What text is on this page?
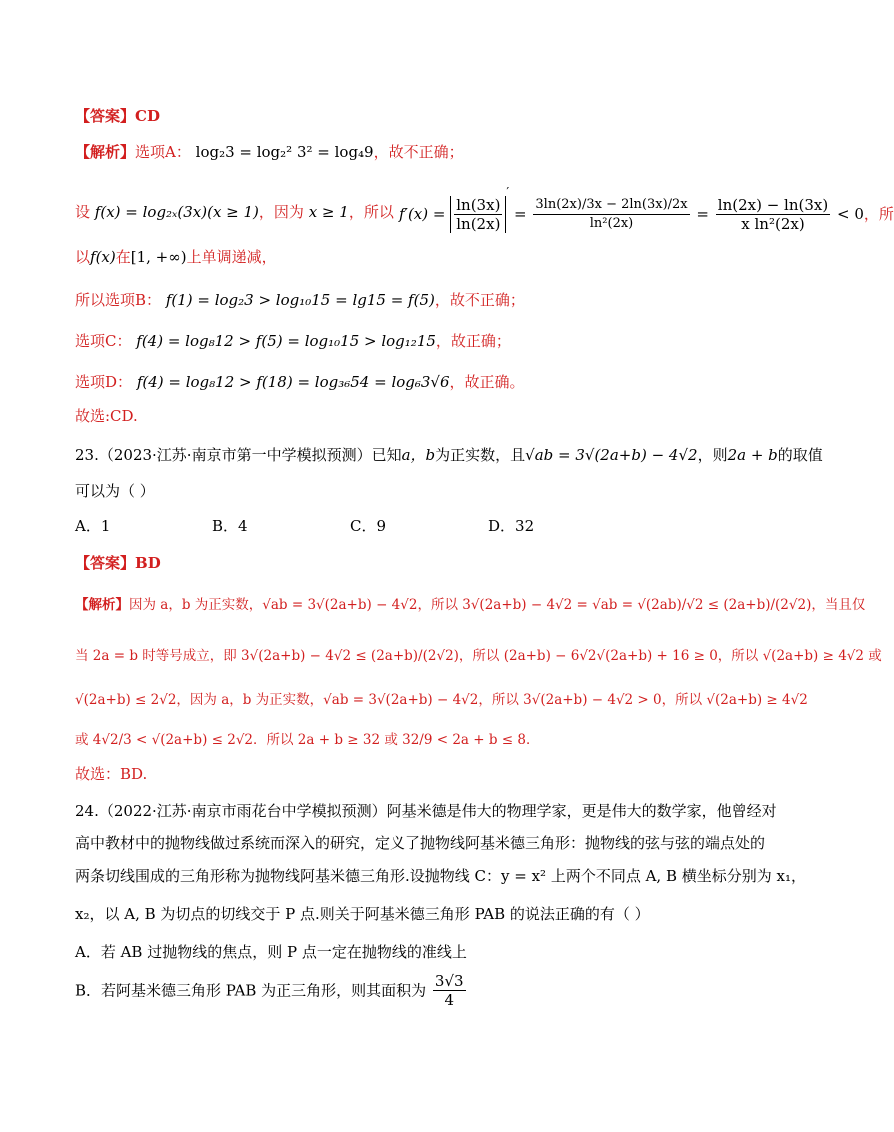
【答案】CD
【解析】选项A： log₂3 = log₂² 3² = log₄9，故不正确；
设 f(x) = log₂ₓ(3x)(x ≥ 1)，因为 x ≥ 1，所以 $f'(x) = \frac{\ln(3x)}{\ln(2x)}$
$' = \frac{3\ln(2x)/3x - 2\ln(3x)/2x}{\text{ln²(2x)}} = \frac{\ln(2x) - \ln(3x)}{\text{x ln²(2x)}} < 0$，所
以f(x)在[1, +∞)上单调递减，
所以选项B： f(1) = log₂3 > log₁₀15 = lg15 = f(5)，故不正确；
选项C： f(4) = log₈12 > f(5) = log₁₀15 > log₁₂15，故正确；
选项D： f(4) = log₈12 > f(18) = log₃₆54 = log₆3√6，故正确。
故选:CD.
23.（2023·江苏·南京市第一中学模拟预测）已知a，b为正实数，且√ab = 3√(2a+b) − 4√2，则2a + b的取值
可以为（ ）
A．1	B．4	C．9	D．32
【答案】BD
【解析】因为 a，b 为正实数，√ab = 3√(2a+b) − 4√2，所以 3√(2a+b) − 4√2 = √ab = √(2ab)/√2 ≤ (2a+b)/(2√2)，当且仅
当 2a = b 时等号成立，即 3√(2a+b) − 4√2 ≤ (2a+b)/(2√2)，所以 (2a+b) − 6√2√(2a+b) + 16 ≥ 0，所以 √(2a+b) ≥ 4√2 或
√(2a+b) ≤ 2√2，因为 a，b 为正实数，√ab = 3√(2a+b) − 4√2，所以 3√(2a+b) − 4√2 > 0，所以 √(2a+b) ≥ 4√2
或 4√2/3 < √(2a+b) ≤ 2√2．所以 2a + b ≥ 32 或 32/9 < 2a + b ≤ 8．
故选：BD.
24.（2022·江苏·南京市雨花台中学模拟预测）阿基米德是伟大的物理学家，更是伟大的数学家，他曾经对
高中教材中的抛物线做过系统而深入的研究，定义了抛物线阿基米德三角形：抛物线的弦与弦的端点处的
两条切线围成的三角形称为抛物线阿基米德三角形.设抛物线 C：y = x² 上两个不同点 A, B 横坐标分别为 x₁，
x₂，以 A, B 为切点的切线交于 P 点.则关于阿基米德三角形 PAB 的说法正确的有（ ）
A．若 AB 过抛物线的焦点，则 P 点一定在抛物线的准线上
B．若阿基米德三角形 PAB 为正三角形，则其面积为 $\frac{3√3}{4}$
